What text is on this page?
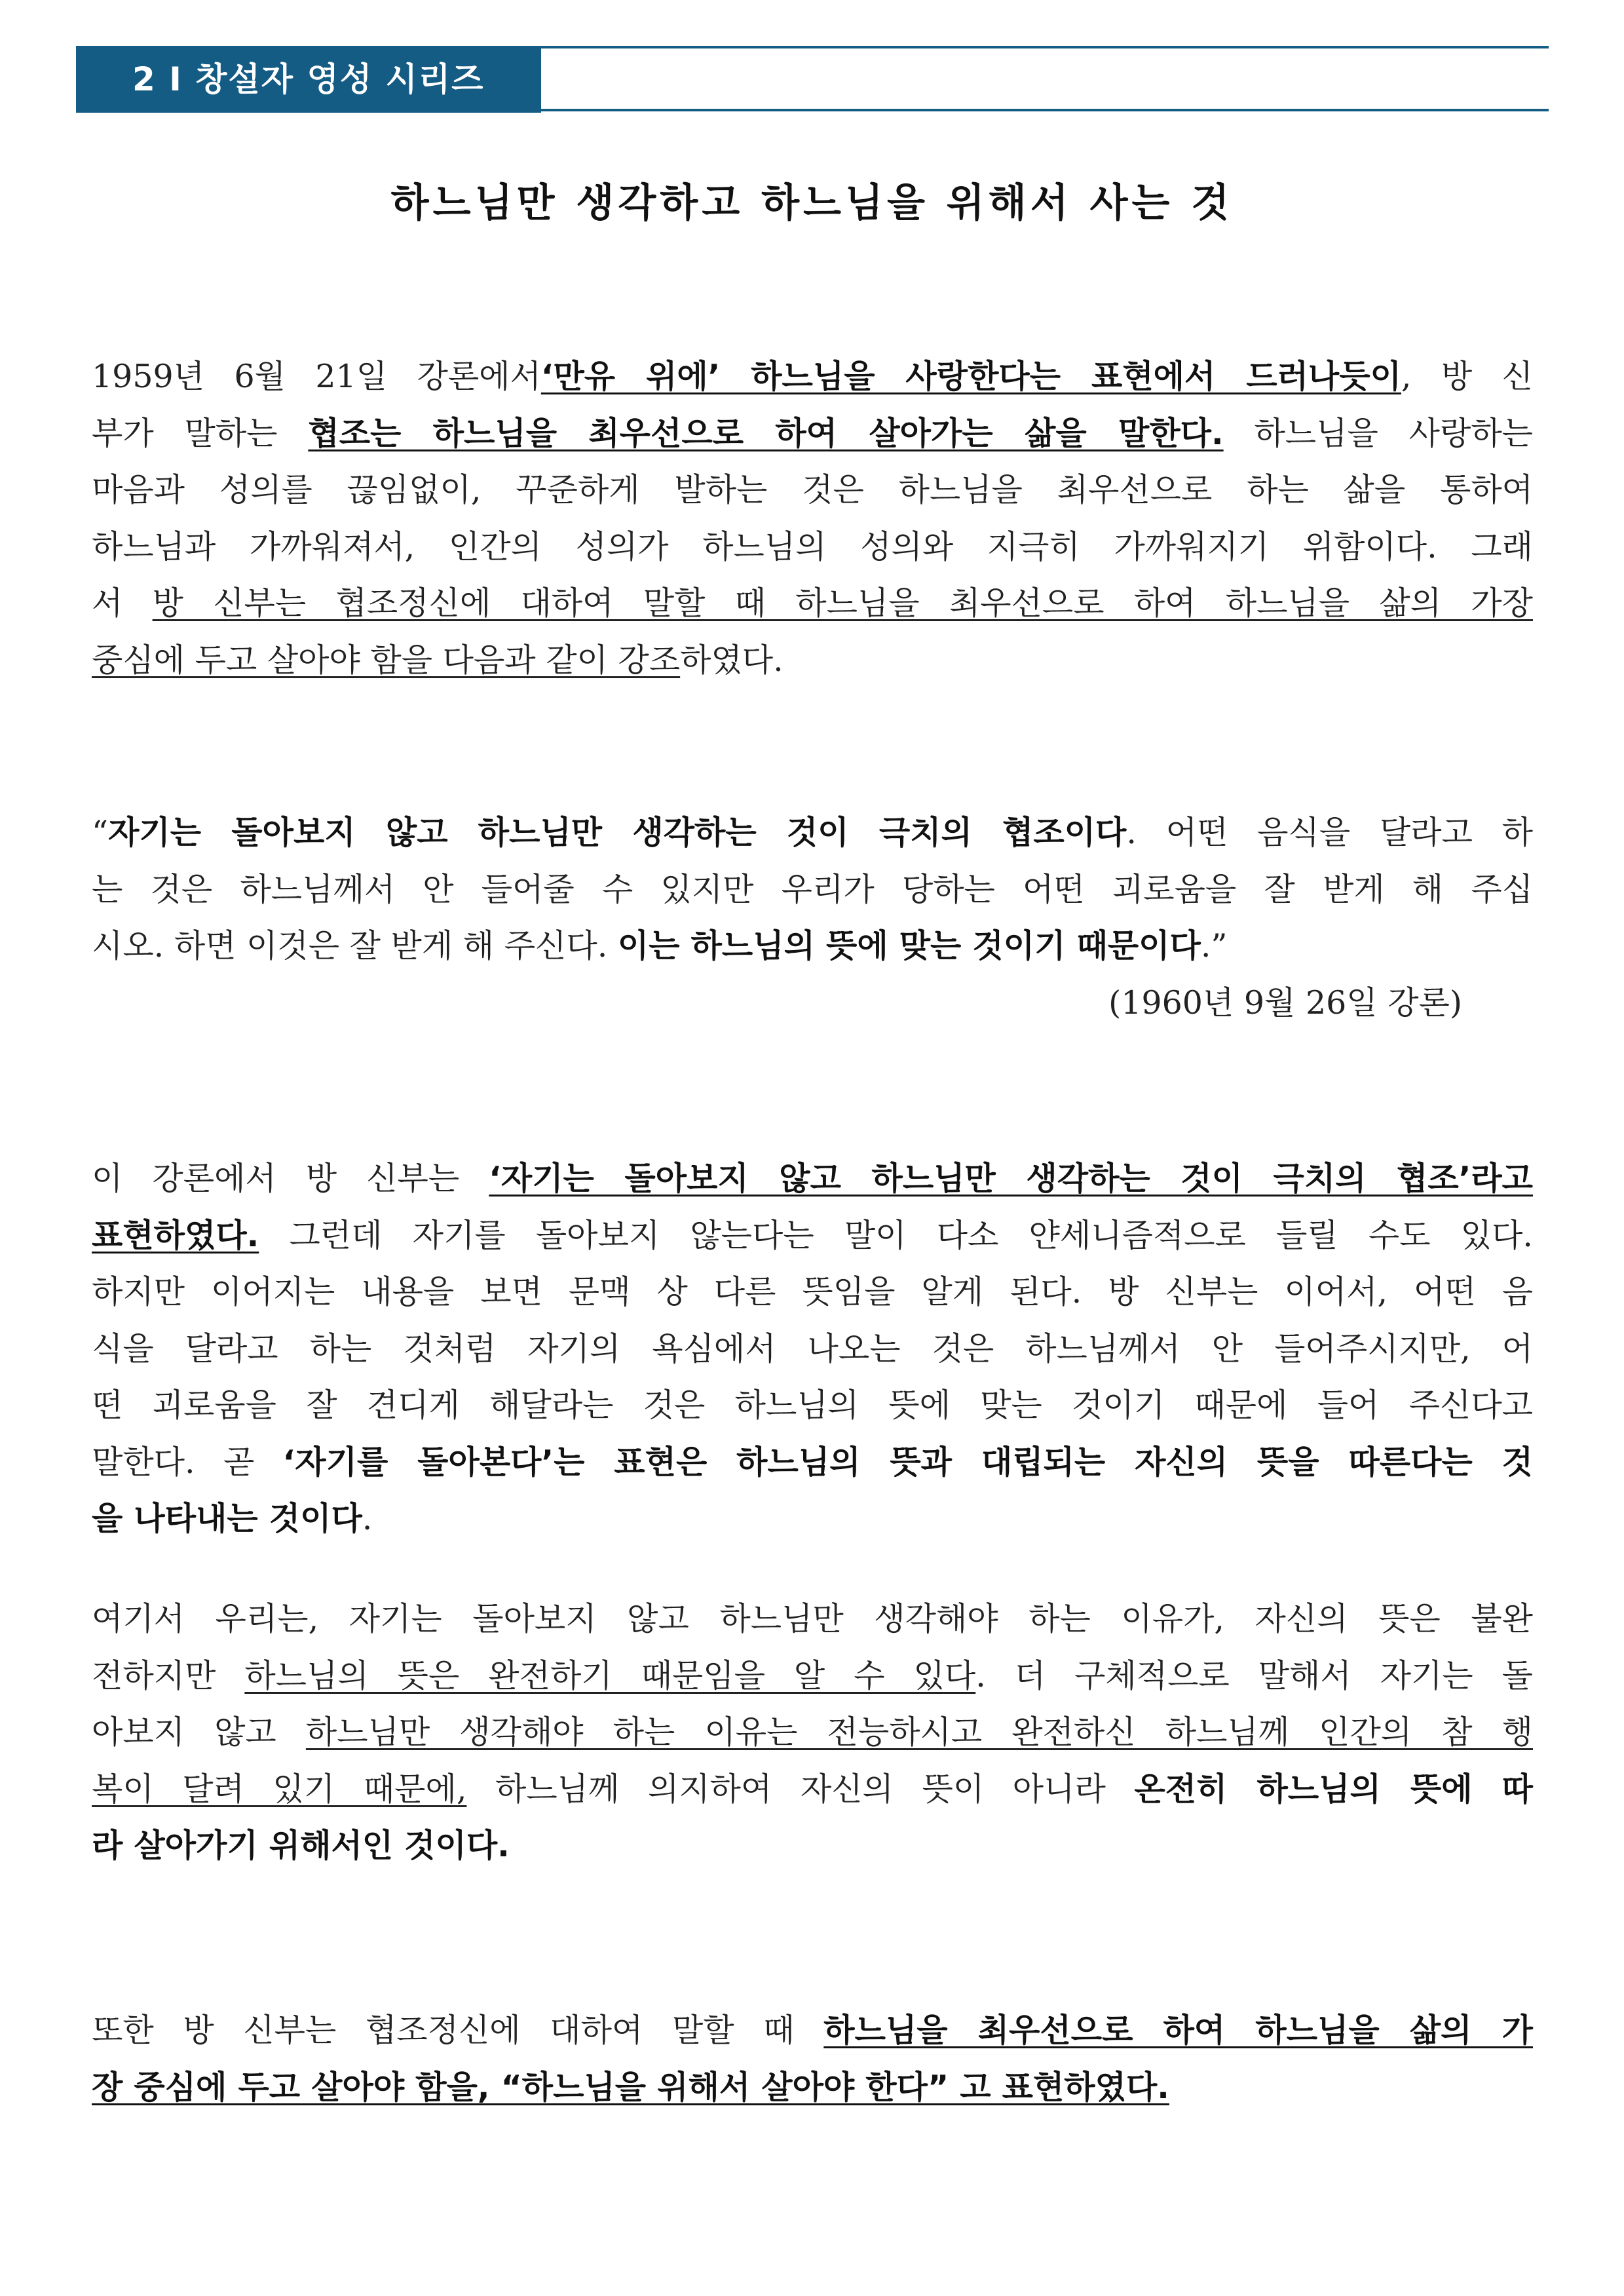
2 I 창설자 영성 시리즈
하느님만 생각하고 하느님을 위해서 사는 것
1959년 6월 21일 강론에서‘만유 위에’ 하느님을 사랑한다는 표현에서 드러나듯이, 방 신
부가 말하는 협조는 하느님을 최우선으로 하여 살아가는 삶을 말한다. 하느님을 사랑하는
마음과 성의를 끊임없이, 꾸준하게 발하는 것은 하느님을 최우선으로 하는 삶을 통하여
하느님과 가까워져서, 인간의 성의가 하느님의 성의와 지극히 가까워지기 위함이다. 그래
서 방 신부는 협조정신에 대하여 말할 때 하느님을 최우선으로 하여 하느님을 삶의 가장
중심에 두고 살아야 함을 다음과 같이 강조하였다.
“자기는 돌아보지 않고 하느님만 생각하는 것이 극치의 협조이다. 어떤 음식을 달라고 하
는 것은 하느님께서 안 들어줄 수 있지만 우리가 당하는 어떤 괴로움을 잘 받게 해 주십
시오. 하면 이것은 잘 받게 해 주신다. 이는 하느님의 뜻에 맞는 것이기 때문이다.”
(1960년 9월 26일 강론)
이 강론에서 방 신부는 ‘자기는 돌아보지 않고 하느님만 생각하는 것이 극치의 협조’라고
표현하였다. 그런데 자기를 돌아보지 않는다는 말이 다소 얀세니즘적으로 들릴 수도 있다.
하지만 이어지는 내용을 보면 문맥 상 다른 뜻임을 알게 된다. 방 신부는 이어서, 어떤 음
식을 달라고 하는 것처럼 자기의 욕심에서 나오는 것은 하느님께서 안 들어주시지만, 어
떤 괴로움을 잘 견디게 해달라는 것은 하느님의 뜻에 맞는 것이기 때문에 들어 주신다고
말한다. 곧 ‘자기를 돌아본다’는 표현은 하느님의 뜻과 대립되는 자신의 뜻을 따른다는 것
을 나타내는 것이다.
여기서 우리는, 자기는 돌아보지 않고 하느님만 생각해야 하는 이유가, 자신의 뜻은 불완
전하지만 하느님의 뜻은 완전하기 때문임을 알 수 있다. 더 구체적으로 말해서 자기는 돌
아보지 않고 하느님만 생각해야 하는 이유는 전능하시고 완전하신 하느님께 인간의 참 행
복이 달려 있기 때문에, 하느님께 의지하여 자신의 뜻이 아니라 온전히 하느님의 뜻에 따
라 살아가기 위해서인 것이다.
또한 방 신부는 협조정신에 대하여 말할 때 하느님을 최우선으로 하여 하느님을 삶의 가
장 중심에 두고 살아야 함을, “하느님을 위해서 살아야 한다” 고 표현하였다.
